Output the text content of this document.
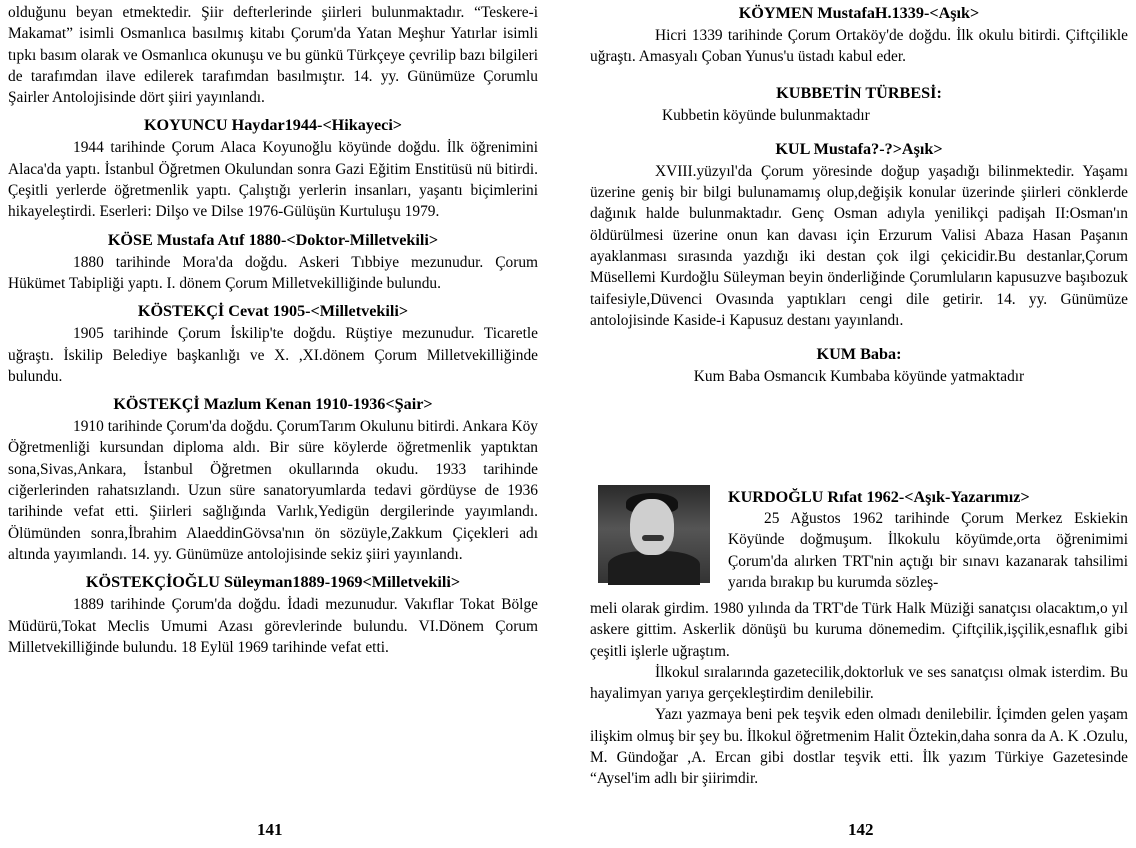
olduğunu beyan etmektedir. Şiir defterlerinde şiirleri bulunmaktadır. “Teskere-i Makamat” isimli Osmanlıca basılmış kitabı Çorum'da Yatan Meşhur Yatırlar isimli tıpkı basım olarak ve Osmanlıca okunuşu ve bu günkü Türkçeye çevrilip bazı bilgileri de tarafımdan ilave edilerek tarafımdan basılmıştır. 14. yy. Günümüze Çorumlu Şairler Antolojisinde dört şiiri yayınlandı.

KOYUNCU Haydar1944-<Hikayeci>

1944 tarihinde Çorum Alaca Koyunoğlu köyünde doğdu. İlk öğrenimini Alaca'da yaptı. İstanbul Öğretmen Okulundan sonra Gazi Eğitim Enstitüsü nü bitirdi. Çeşitli yerlerde öğretmenlik yaptı. Çalıştığı yerlerin insanları, yaşantı biçimlerini hikayeleştirdi. Eserleri: Dilşo ve Dilse 1976-Gülüşün Kurtuluşu 1979.

KÖSE Mustafa Atıf 1880-<Doktor-Milletvekili>

1880 tarihinde Mora'da doğdu. Askeri Tıbbiye mezunudur. Çorum Hükümet Tabipliği yaptı. I. dönem Çorum Milletvekilliğinde bulundu.

KÖSTEKÇİ Cevat 1905-<Milletvekili>

1905 tarihinde Çorum İskilip'te doğdu. Rüştiye mezunudur. Ticaretle uğraştı. İskilip Belediye başkanlığı ve X. ,XI.dönem Çorum Milletvekilliğinde bulundu.

KÖSTEKÇİ Mazlum Kenan 1910-1936<Şair>

1910 tarihinde Çorum'da doğdu. ÇorumTarım Okulunu bitirdi. Ankara Köy Öğretmenliği kursundan diploma aldı. Bir süre köylerde öğretmenlik yaptıktan sona,Sivas,Ankara, İstanbul Öğretmen okullarında okudu. 1933 tarihinde ciğerlerinden rahatsızlandı. Uzun süre sanatoryumlarda tedavi gördüyse de 1936 tarihinde vefat etti. Şiirleri sağlığında Varlık,Yedigün dergilerinde yayımlandı. Ölümünden sonra,İbrahim AlaeddinGövsa'nın ön sözüyle,Zakkum Çiçekleri adı altında yayımlandı. 14. yy. Günümüze antolojisinde sekiz şiiri yayınlandı.

KÖSTEKÇİOĞLU Süleyman1889-1969<Milletvekili>

1889 tarihinde Çorum'da doğdu. İdadi mezunudur. Vakıflar Tokat Bölge Müdürü,Tokat Meclis Umumi Azası görevlerinde bulundu. VI.Dönem Çorum Milletvekilliğinde bulundu. 18 Eylül 1969 tarihinde vefat etti.

141
KÖYMEN MustafaH.1339-<Aşık>

Hicri 1339 tarihinde Çorum Ortaköy'de doğdu. İlk okulu bitirdi. Çiftçilikle uğraştı. Amasyalı Çoban Yunus'u üstadı kabul eder.

KUBBETİN TÜRBESİ:

Kubbetin köyünde bulunmaktadır

KUL Mustafa?-?>Aşık>

XVIII.yüzyıl'da Çorum yöresinde doğup yaşadığı bilinmektedir. Yaşamı üzerine geniş bir bilgi bulunamamış olup,değişik konular üzerinde şiirleri cönklerde dağınık halde bulunmaktadır. Genç Osman adıyla yenilikçi padişah II:Osman'ın öldürülmesi üzerine onun kan davası için Erzurum Valisi Abaza Hasan Paşanın ayaklanması sırasında yazdığı iki destan çok ilgi çekicidir.Bu destanlar,Çorum Müsellemi Kurdoğlu Süleyman beyin önderliğinde Çorumluların kapusuzve başıbozuk taifesiyle,Düvenci Ovasında yaptıkları cengi dile getirir. 14. yy. Günümüze antolojisinde Kaside-i Kapusuz destanı yayınlandı.

KUM Baba:

Kum Baba Osmancık Kumbaba köyünde yatmaktadır

KURDOĞLU Rıfat 1962-<Aşık-Yazarımız>

25 Ağustos 1962 tarihinde Çorum Merkez Eskiekin Köyünde doğmuşum. İlkokulu köyümde,orta öğrenimimi Çorum'da alırken TRT'nin açtığı bir sınavı kazanarak tahsilimi yarıda bırakıp bu kurumda sözleş-

meli olarak girdim. 1980 yılında da TRT'de Türk Halk Müziği sanatçısı olacaktım,o yıl askere gittim. Askerlik dönüşü bu kuruma dönemedim. Çiftçilik,işçilik,esnaflık gibi çeşitli işlerle uğraştım.

İlkokul sıralarında gazetecilik,doktorluk ve ses sanatçısı olmak isterdim. Bu hayalimyan yarıya gerçekleştirdim denilebilir.

Yazı yazmaya beni pek teşvik eden olmadı denilebilir. İçimden gelen yaşam ilişkim olmuş bir şey bu. İlkokul öğretmenim Halit Öztekin,daha sonra da A. K .Ozulu, M. Gündoğar ,A. Ercan gibi dostlar teşvik etti. İlk yazım Türkiye Gazetesinde “Aysel'im adlı bir şiirimdir.

142
